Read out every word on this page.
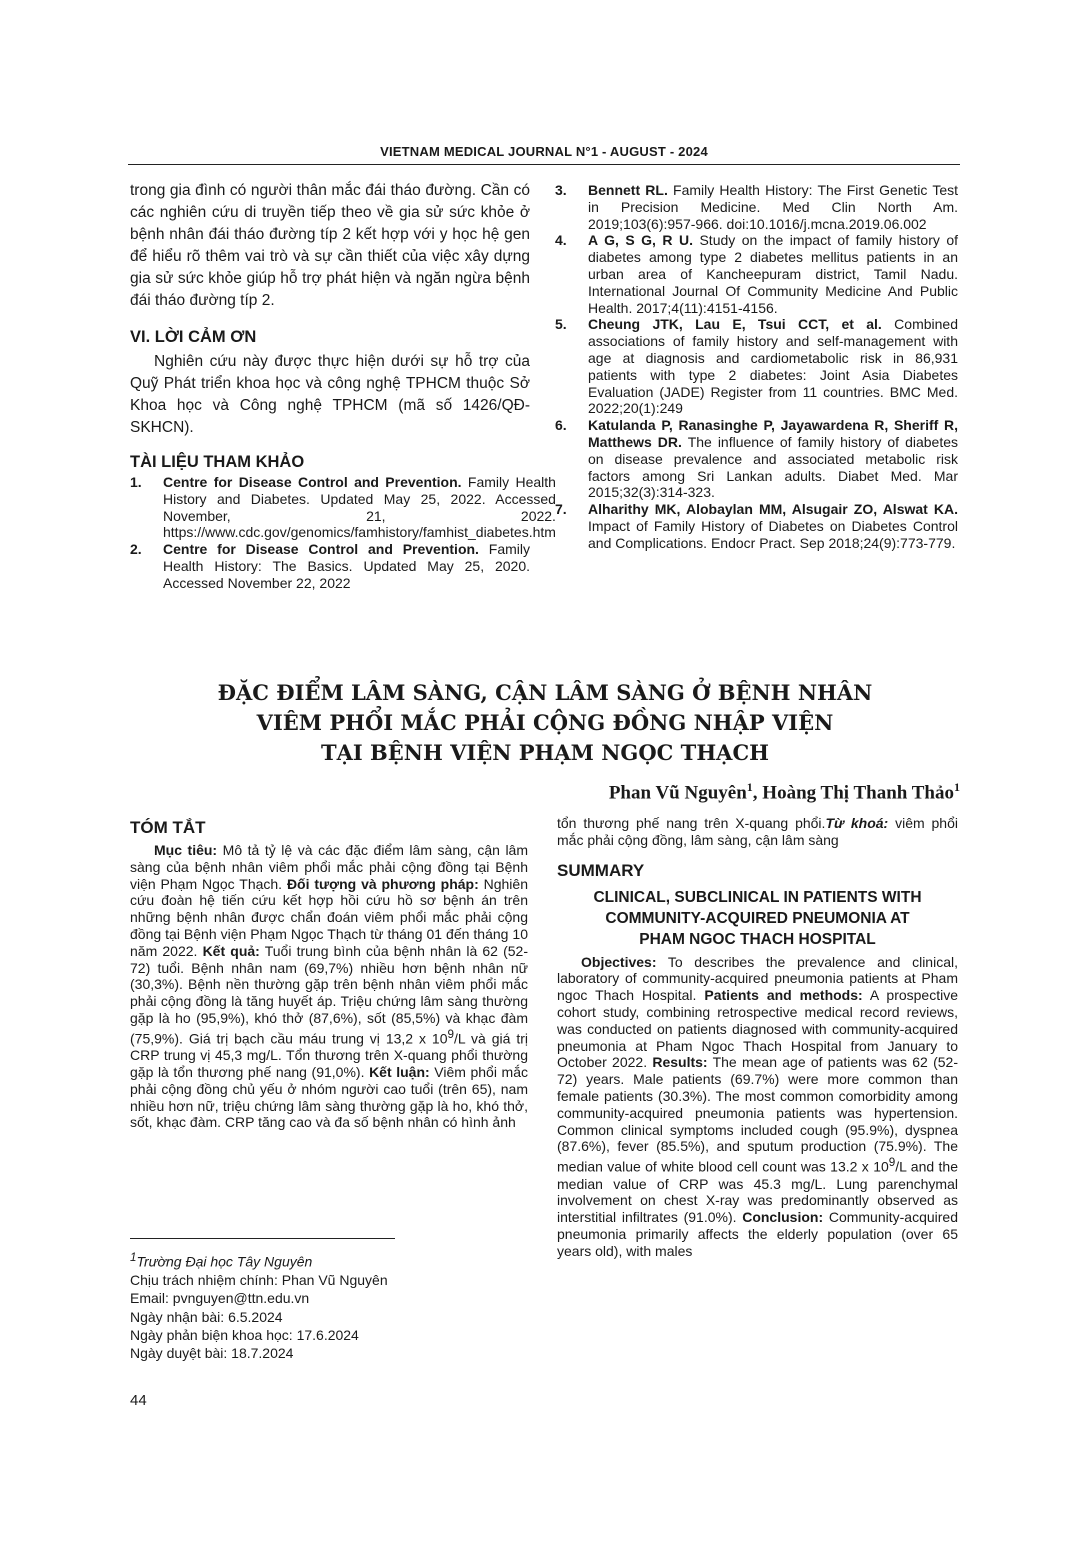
VIETNAM MEDICAL JOURNAL N°1 - AUGUST - 2024

trong gia đình có người thân mắc đái tháo đường. Cần có các nghiên cứu di truyền tiếp theo về gia sử sức khỏe ở bệnh nhân đái tháo đường típ 2 kết hợp với y học hệ gen để hiểu rõ thêm vai trò và sự cần thiết của việc xây dựng gia sử sức khỏe giúp hỗ trợ phát hiện và ngăn ngừa bệnh đái tháo đường típ 2.

VI. LỜI CẢM ƠN

Nghiên cứu này được thực hiện dưới sự hỗ trợ của Quỹ Phát triển khoa học và công nghệ TPHCM thuộc Sở Khoa học và Công nghệ TPHCM (mã số 1426/QĐ-SKHCN).

TÀI LIỆU THAM KHẢO
1.	Centre for Disease Control and Prevention. Family Health History and Diabetes. Updated May 25, 2022. Accessed November, 21, 2022. https://www.cdc.gov/genomics/famhistory/famhist_diabetes.htm
2.	Centre for Disease Control and Prevention. Family Health History: The Basics. Updated May 25, 2020. Accessed November 22, 2022
3.	Bennett RL. Family Health History: The First Genetic Test in Precision Medicine. Med Clin North Am. 2019;103(6):957-966. doi:10.1016/j.mcna.2019.06.002
4.	A G, S G, R U. Study on the impact of family history of diabetes among type 2 diabetes mellitus patients in an urban area of Kancheepuram district, Tamil Nadu. International Journal Of Community Medicine And Public Health. 2017;4(11):4151-4156.
5.	Cheung JTK, Lau E, Tsui CCT, et al. Combined associations of family history and self-management with age at diagnosis and cardiometabolic risk in 86,931 patients with type 2 diabetes: Joint Asia Diabetes Evaluation (JADE) Register from 11 countries. BMC Med. 2022;20(1):249
6.	Katulanda P, Ranasinghe P, Jayawardena R, Sheriff R, Matthews DR. The influence of family history of diabetes on disease prevalence and associated metabolic risk factors among Sri Lankan adults. Diabet Med. Mar 2015;32(3):314-323.
7.	Alharithy MK, Alobaylan MM, Alsugair ZO, Alswat KA. Impact of Family History of Diabetes on Diabetes Control and Complications. Endocr Pract. Sep 2018;24(9):773-779.
ĐẶC ĐIỂM LÂM SÀNG, CẬN LÂM SÀNG Ở BỆNH NHÂN
VIÊM PHỔI MẮC PHẢI CỘNG ĐỒNG NHẬP VIỆN
TẠI BỆNH VIỆN PHẠM NGỌC THẠCH
Phan Vũ Nguyên$^1$, Hoàng Thị Thanh Thảo$^1$
TÓM TẮT

Mục tiêu: Mô tả tỷ lệ và các đặc điểm lâm sàng, cận lâm sàng của bệnh nhân viêm phổi mắc phải cộng đồng tại Bệnh viện Phạm Ngọc Thạch. Đối tượng và phương pháp: Nghiên cứu đoàn hệ tiến cứu kết hợp hồi cứu hồ sơ bệnh án trên những bệnh nhân được chẩn đoán viêm phổi mắc phải cộng đồng tại Bệnh viện Phạm Ngọc Thạch từ tháng 01 đến tháng 10 năm 2022. Kết quả: Tuổi trung bình của bệnh nhân là 62 (52-72) tuổi. Bệnh nhân nam (69,7%) nhiều hơn bệnh nhân nữ (30,3%). Bệnh nền thường gặp trên bệnh nhân viêm phổi mắc phải cộng đồng là tăng huyết áp. Triệu chứng lâm sàng thường gặp là ho (95,9%), khó thở (87,6%), sốt (85,5%) và khạc đàm (75,9%). Giá trị bạch cầu máu trung vị 13,2 x $10^9/L$ và giá trị CRP trung vị 45,3 mg/L. Tổn thương trên X-quang phổi thường gặp là tổn thương phế nang (91,0%). Kết luận: Viêm phổi mắc phải cộng đồng chủ yếu ở nhóm người cao tuổi (trên 65), nam nhiều hơn nữ, triệu chứng lâm sàng thường gặp là ho, khó thở, sốt, khạc đàm. CRP tăng cao và đa số bệnh nhân có hình ảnh

tổn thương phế nang trên X-quang phổi.Từ khoá: viêm phổi mắc phải cộng đồng, lâm sàng, cận lâm sàng

SUMMARY
CLINICAL, SUBCLINICAL IN PATIENTS WITH
COMMUNITY-ACQUIRED PNEUMONIA AT
PHAM NGOC THACH HOSPITAL

Objectives: To describes the prevalence and clinical, laboratory of community-acquired pneumonia patients at Pham ngoc Thach Hospital. Patients and methods: A prospective cohort study, combining retrospective medical record reviews, was conducted on patients diagnosed with community-acquired pneumonia at Pham Ngoc Thach Hospital from January to October 2022. Results: The mean age of patients was 62 (52-72) years. Male patients (69.7%) were more common than female patients (30.3%). The most common comorbidity among community-acquired pneumonia patients was hypertension. Common clinical symptoms included cough (95.9%), dyspnea (87.6%), fever (85.5%), and sputum production (75.9%). The median value of white blood cell count was 13.2 x $10^9/L$ and the median value of CRP was 45.3 mg/L. Lung parenchymal involvement on chest X-ray was predominantly observed as interstitial infiltrates (91.0%). Conclusion: Community-acquired pneumonia primarily affects the elderly population (over 65 years old), with males

$^1$Trường Đại học Tây Nguyên
Chịu trách nhiệm chính: Phan Vũ Nguyên
Email: pvnguyen@ttn.edu.vn
Ngày nhận bài: 6.5.2024
Ngày phản biện khoa học: 17.6.2024
Ngày duyệt bài: 18.7.2024
44
